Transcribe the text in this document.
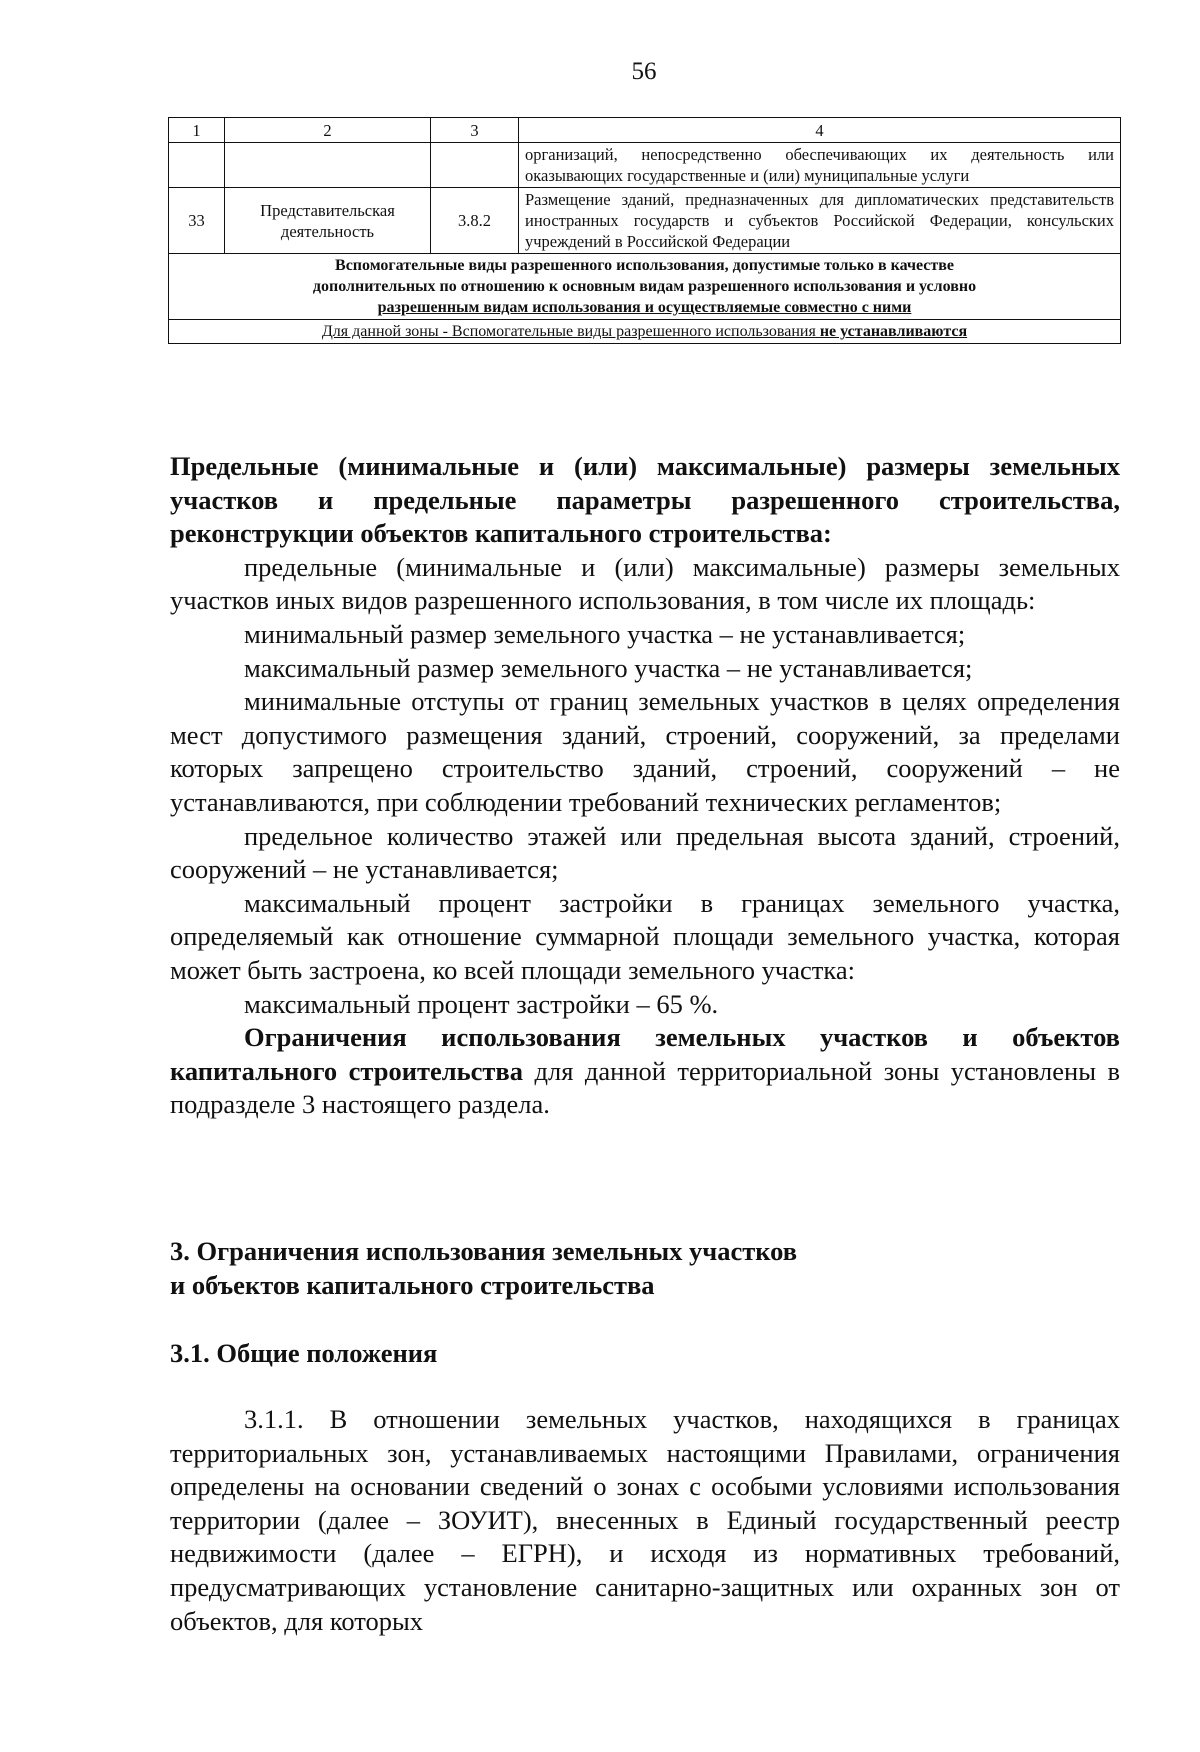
56
1	2	3	4
			организаций, непосредственно обеспечивающих их деятельность или оказывающих государственные и (или) муниципальные услуги
33	Представительская деятельность	3.8.2	Размещение зданий, предназначенных для дипломатических представительств иностранных государств и субъектов Российской Федерации, консульских учреждений в Российской Федерации
Вспомогательные виды разрешенного использования, допустимые только в качестве
дополнительных по отношению к основным видам разрешенного использования и условно
разрешенным видам использования и осуществляемые совместно с ними			
Для данной зоны - Вспомогательные виды разрешенного использования не устанавливаются			

Предельные (минимальные и (или) максимальные) размеры земельных участков и предельные параметры разрешенного строительства, реконструкции объектов капитального строительства:

предельные (минимальные и (или) максимальные) размеры земельных участков иных видов разрешенного использования, в том числе их площадь:

минимальный размер земельного участка – не устанавливается;

максимальный размер земельного участка – не устанавливается;

минимальные отступы от границ земельных участков в целях определения мест допустимого размещения зданий, строений, сооружений, за пределами которых запрещено строительство зданий, строений, сооружений – не устанавливаются, при соблюдении требований технических регламентов;

предельное количество этажей или предельная высота зданий, строений, сооружений – не устанавливается;

максимальный процент застройки в границах земельного участка, определяемый как отношение суммарной площади земельного участка, которая может быть застроена, ко всей площади земельного участка:

максимальный процент застройки – 65 %.

Ограничения использования земельных участков и объектов капитального строительства для данной территориальной зоны установлены в подразделе 3 настоящего раздела.

3. Ограничения использования земельных участков

и объектов капитального строительства

3.1. Общие положения

3.1.1. В отношении земельных участков, находящихся в границах территориальных зон, устанавливаемых настоящими Правилами, ограничения определены на основании сведений о зонах с особыми условиями использования территории (далее – ЗОУИТ), внесенных в Единый государственный реестр недвижимости (далее – ЕГРН), и исходя из нормативных требований, предусматривающих установление санитарно-защитных или охранных зон от объектов, для которых
